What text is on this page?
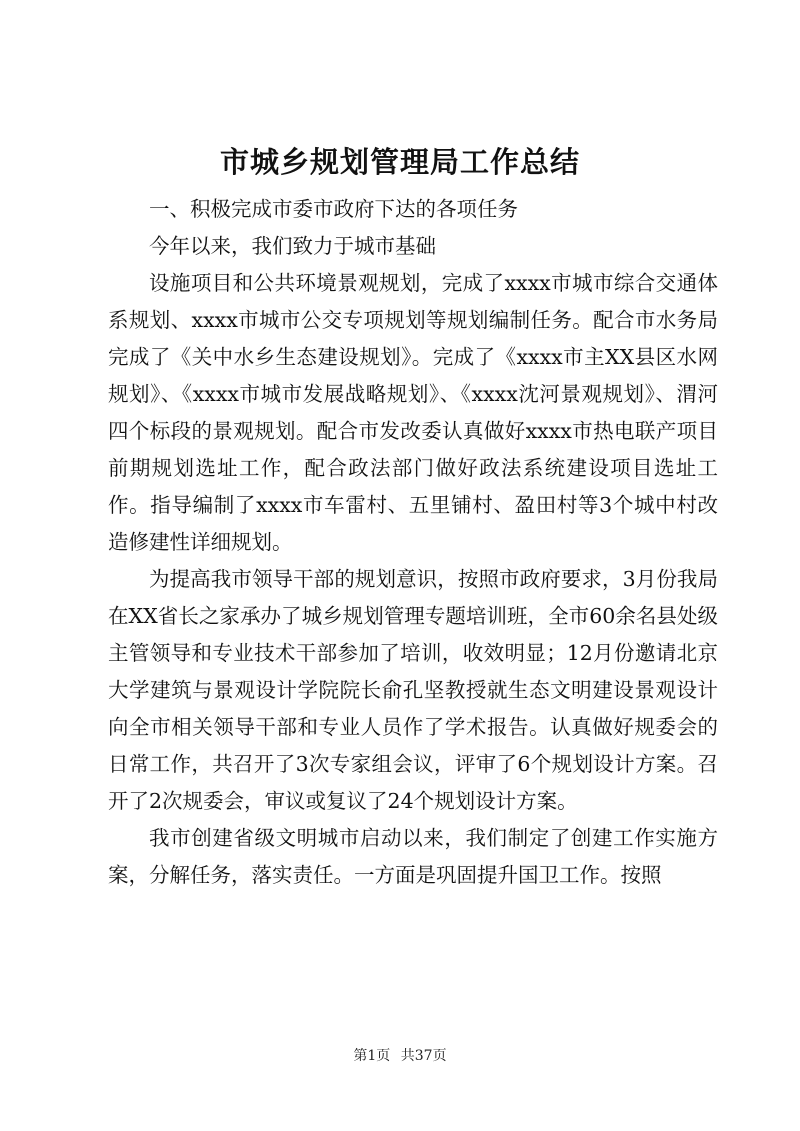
市城乡规划管理局工作总结

一、积极完成市委市政府下达的各项任务

今年以来，我们致力于城市基础

设施项目和公共环境景观规划，完成了xxxx市城市综合交通体系规划、xxxx市城市公交专项规划等规划编制任务。配合市水务局完成了《关中水乡生态建设规划》。完成了《xxxx市主XX县区水网规划》、《xxxx市城市发展战略规划》、《xxxx沈河景观规划》、渭河四个标段的景观规划。配合市发改委认真做好xxxx市热电联产项目前期规划选址工作，配合政法部门做好政法系统建设项目选址工作。指导编制了xxxx市车雷村、五里铺村、盈田村等3个城中村改造修建性详细规划。

为提高我市领导干部的规划意识，按照市政府要求，3月份我局在XX省长之家承办了城乡规划管理专题培训班，全市60余名县处级主管领导和专业技术干部参加了培训，收效明显；12月份邀请北京大学建筑与景观设计学院院长俞孔坚教授就生态文明建设景观设计向全市相关领导干部和专业人员作了学术报告。认真做好规委会的日常工作，共召开了3次专家组会议，评审了6个规划设计方案。召开了2次规委会，审议或复议了24个规划设计方案。

我市创建省级文明城市启动以来，我们制定了创建工作实施方案，分解任务，落实责任。一方面是巩固提升国卫工作。按照

第1页 共37页
